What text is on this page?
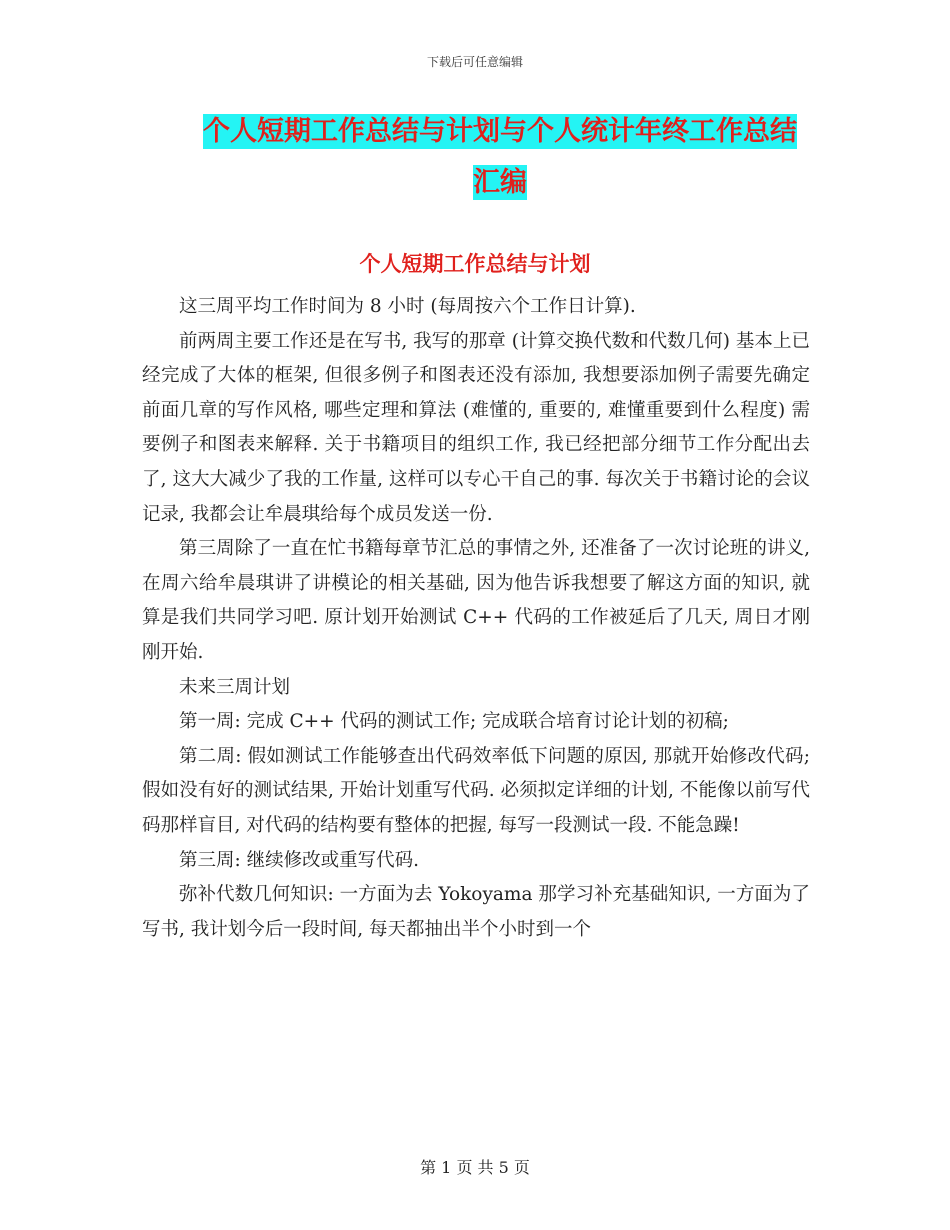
下载后可任意编辑
个人短期工作总结与计划与个人统计年终工作总结汇编
个人短期工作总结与计划

这三周平均工作时间为 8 小时 (每周按六个工作日计算).

前两周主要工作还是在写书, 我写的那章 (计算交换代数和代数几何) 基本上已经完成了大体的框架, 但很多例子和图表还没有添加, 我想要添加例子需要先确定前面几章的写作风格, 哪些定理和算法 (难懂的, 重要的, 难懂重要到什么程度) 需要例子和图表来解释. 关于书籍项目的组织工作, 我已经把部分细节工作分配出去了, 这大大减少了我的工作量, 这样可以专心干自己的事. 每次关于书籍讨论的会议记录, 我都会让牟晨琪给每个成员发送一份.

第三周除了一直在忙书籍每章节汇总的事情之外, 还准备了一次讨论班的讲义, 在周六给牟晨琪讲了讲模论的相关基础, 因为他告诉我想要了解这方面的知识, 就算是我们共同学习吧. 原计划开始测试 C++ 代码的工作被延后了几天, 周日才刚刚开始.

未来三周计划

第一周: 完成 C++ 代码的测试工作; 完成联合培育讨论计划的初稿;

第二周: 假如测试工作能够查出代码效率低下问题的原因, 那就开始修改代码; 假如没有好的测试结果, 开始计划重写代码. 必须拟定详细的计划, 不能像以前写代码那样盲目, 对代码的结构要有整体的把握, 每写一段测试一段. 不能急躁!

第三周: 继续修改或重写代码.

弥补代数几何知识: 一方面为去 Yokoyama 那学习补充基础知识, 一方面为了写书, 我计划今后一段时间, 每天都抽出半个小时到一个

第 1 页 共 5 页
